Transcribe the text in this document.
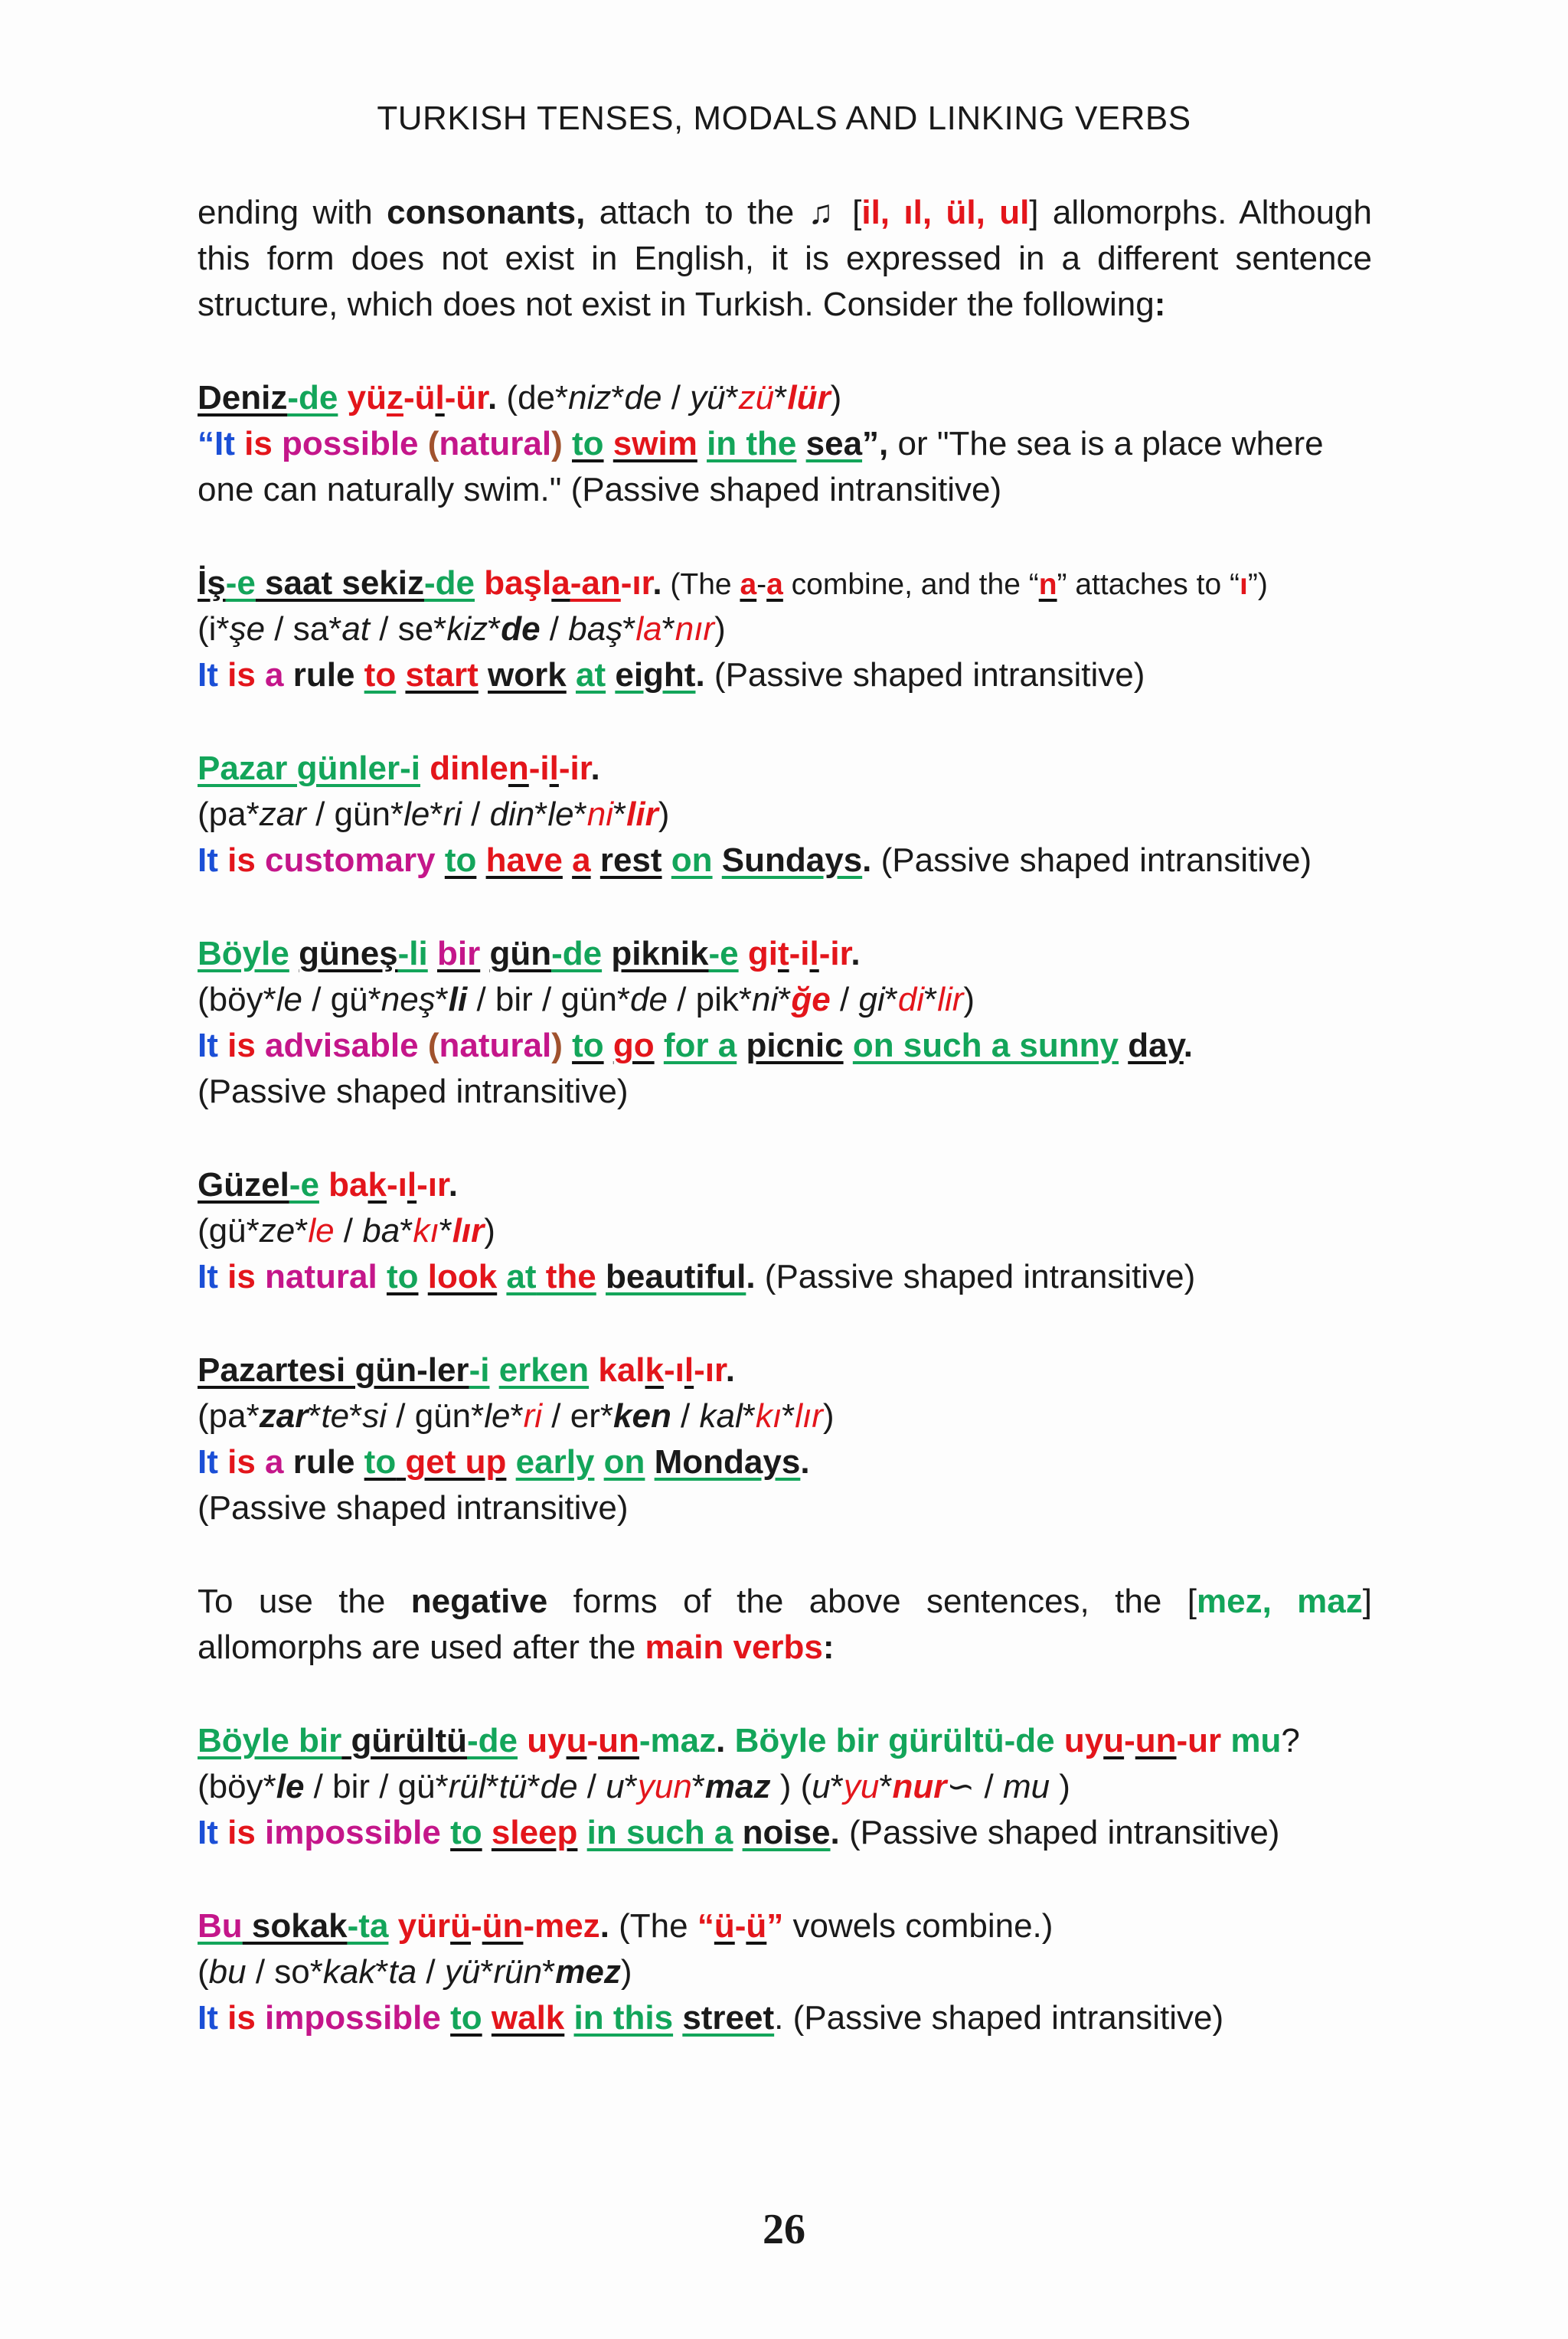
TURKISH TENSES, MODALS AND LINKING VERBS
ending with consonants, attach to the ♫ [il, ıl, ül, ul] allomorphs. Although
this form does not exist in English, it is expressed in a different sentence
structure, which does not exist in Turkish. Consider the following:
Deniz-de yüz-ül-ür. (de*niz*de / yü*zü*lür)
“It is possible (natural) to swim in the sea”, or "The sea is a place where
one can naturally swim." (Passive shaped intransitive)
İş-e saat sekiz-de başla-an-ır. (The a-a combine, and the “n” attaches to “ı”)
(i*şe / sa*at / se*kiz*de / baş*la*nır)
It is a rule to start work at eight. (Passive shaped intransitive)
Pazar günler-i dinlen-il-ir.
(pa*zar / gün*le*ri / din*le*ni*lir)
It is customary to have a rest on Sundays. (Passive shaped intransitive)
Böyle güneş-li bir gün-de piknik-e git-il-ir.
(böy*le / gü*neş*li / bir / gün*de / pik*ni*ğe / gi*di*lir)
It is advisable (natural) to go for a picnic on such a sunny day.
(Passive shaped intransitive)
Güzel-e bak-ıl-ır.
(gü*ze*le / ba*kı*lır)
It is natural to look at the beautiful. (Passive shaped intransitive)
Pazartesi gün-ler-i erken kalk-ıl-ır.
(pa*zar*te*si / gün*le*ri / er*ken / kal*kı*lır)
It is a rule to get up early on Mondays.
(Passive shaped intransitive)
To use the negative forms of the above sentences, the [mez, maz]
allomorphs are used after the main verbs:
Böyle bir gürültü-de uyu-un-maz. Böyle bir gürültü-de uyu-un-ur mu?
(böy*le / bir / gü*rül*tü*de / u*yun*maz ) (u*yu*nur∽ / mu )
It is impossible to sleep in such a noise. (Passive shaped intransitive)
Bu sokak-ta yürü-ün-mez. (The “ü-ü” vowels combine.)
(bu / so*kak*ta / yü*rün*mez)
It is impossible to walk in this street. (Passive shaped intransitive)
26
